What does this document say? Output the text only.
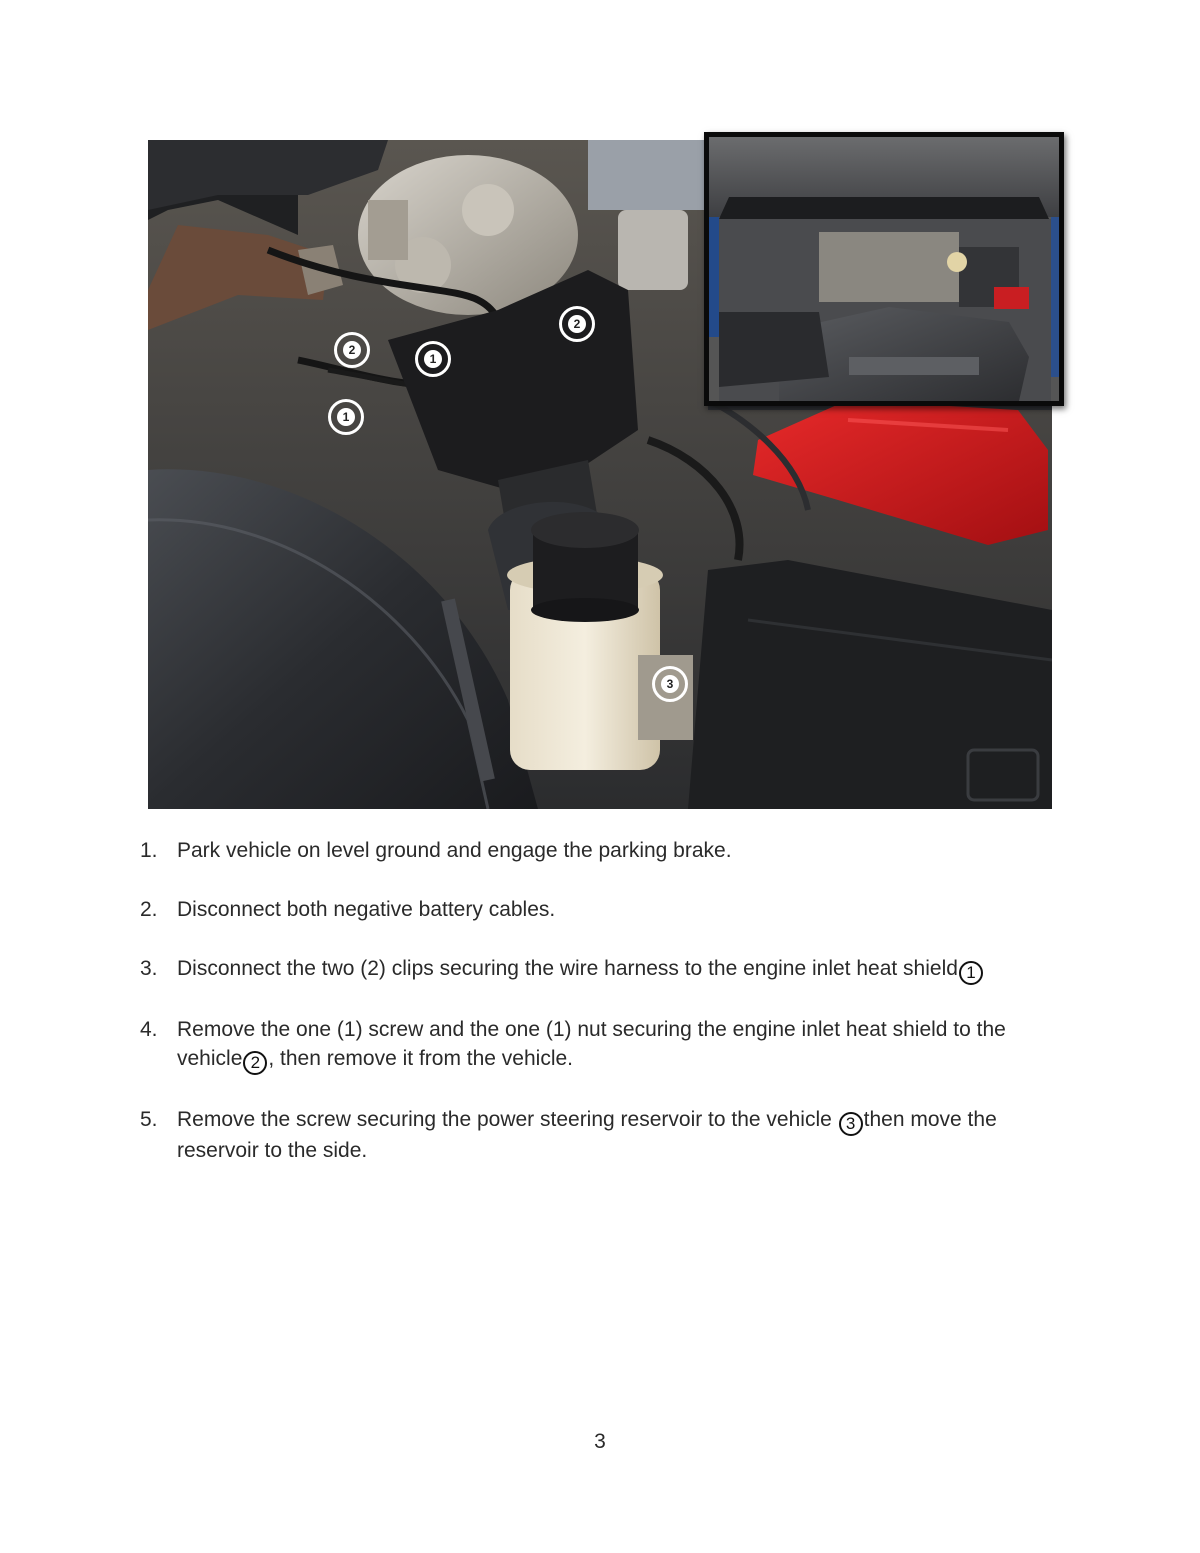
2
1
2
1
3
1. Park vehicle on level ground and engage the parking brake.
2. Disconnect both negative battery cables.
3. Disconnect the two (2) clips securing the wire harness to the engine inlet heat shield 1
4. Remove the one (1) screw and the one (1) nut securing the engine inlet heat shield to the vehicle 2 , then remove it from the vehicle.
5. Remove the screw securing the power steering reservoir to the vehicle 3 then move the reservoir to the side.
3
